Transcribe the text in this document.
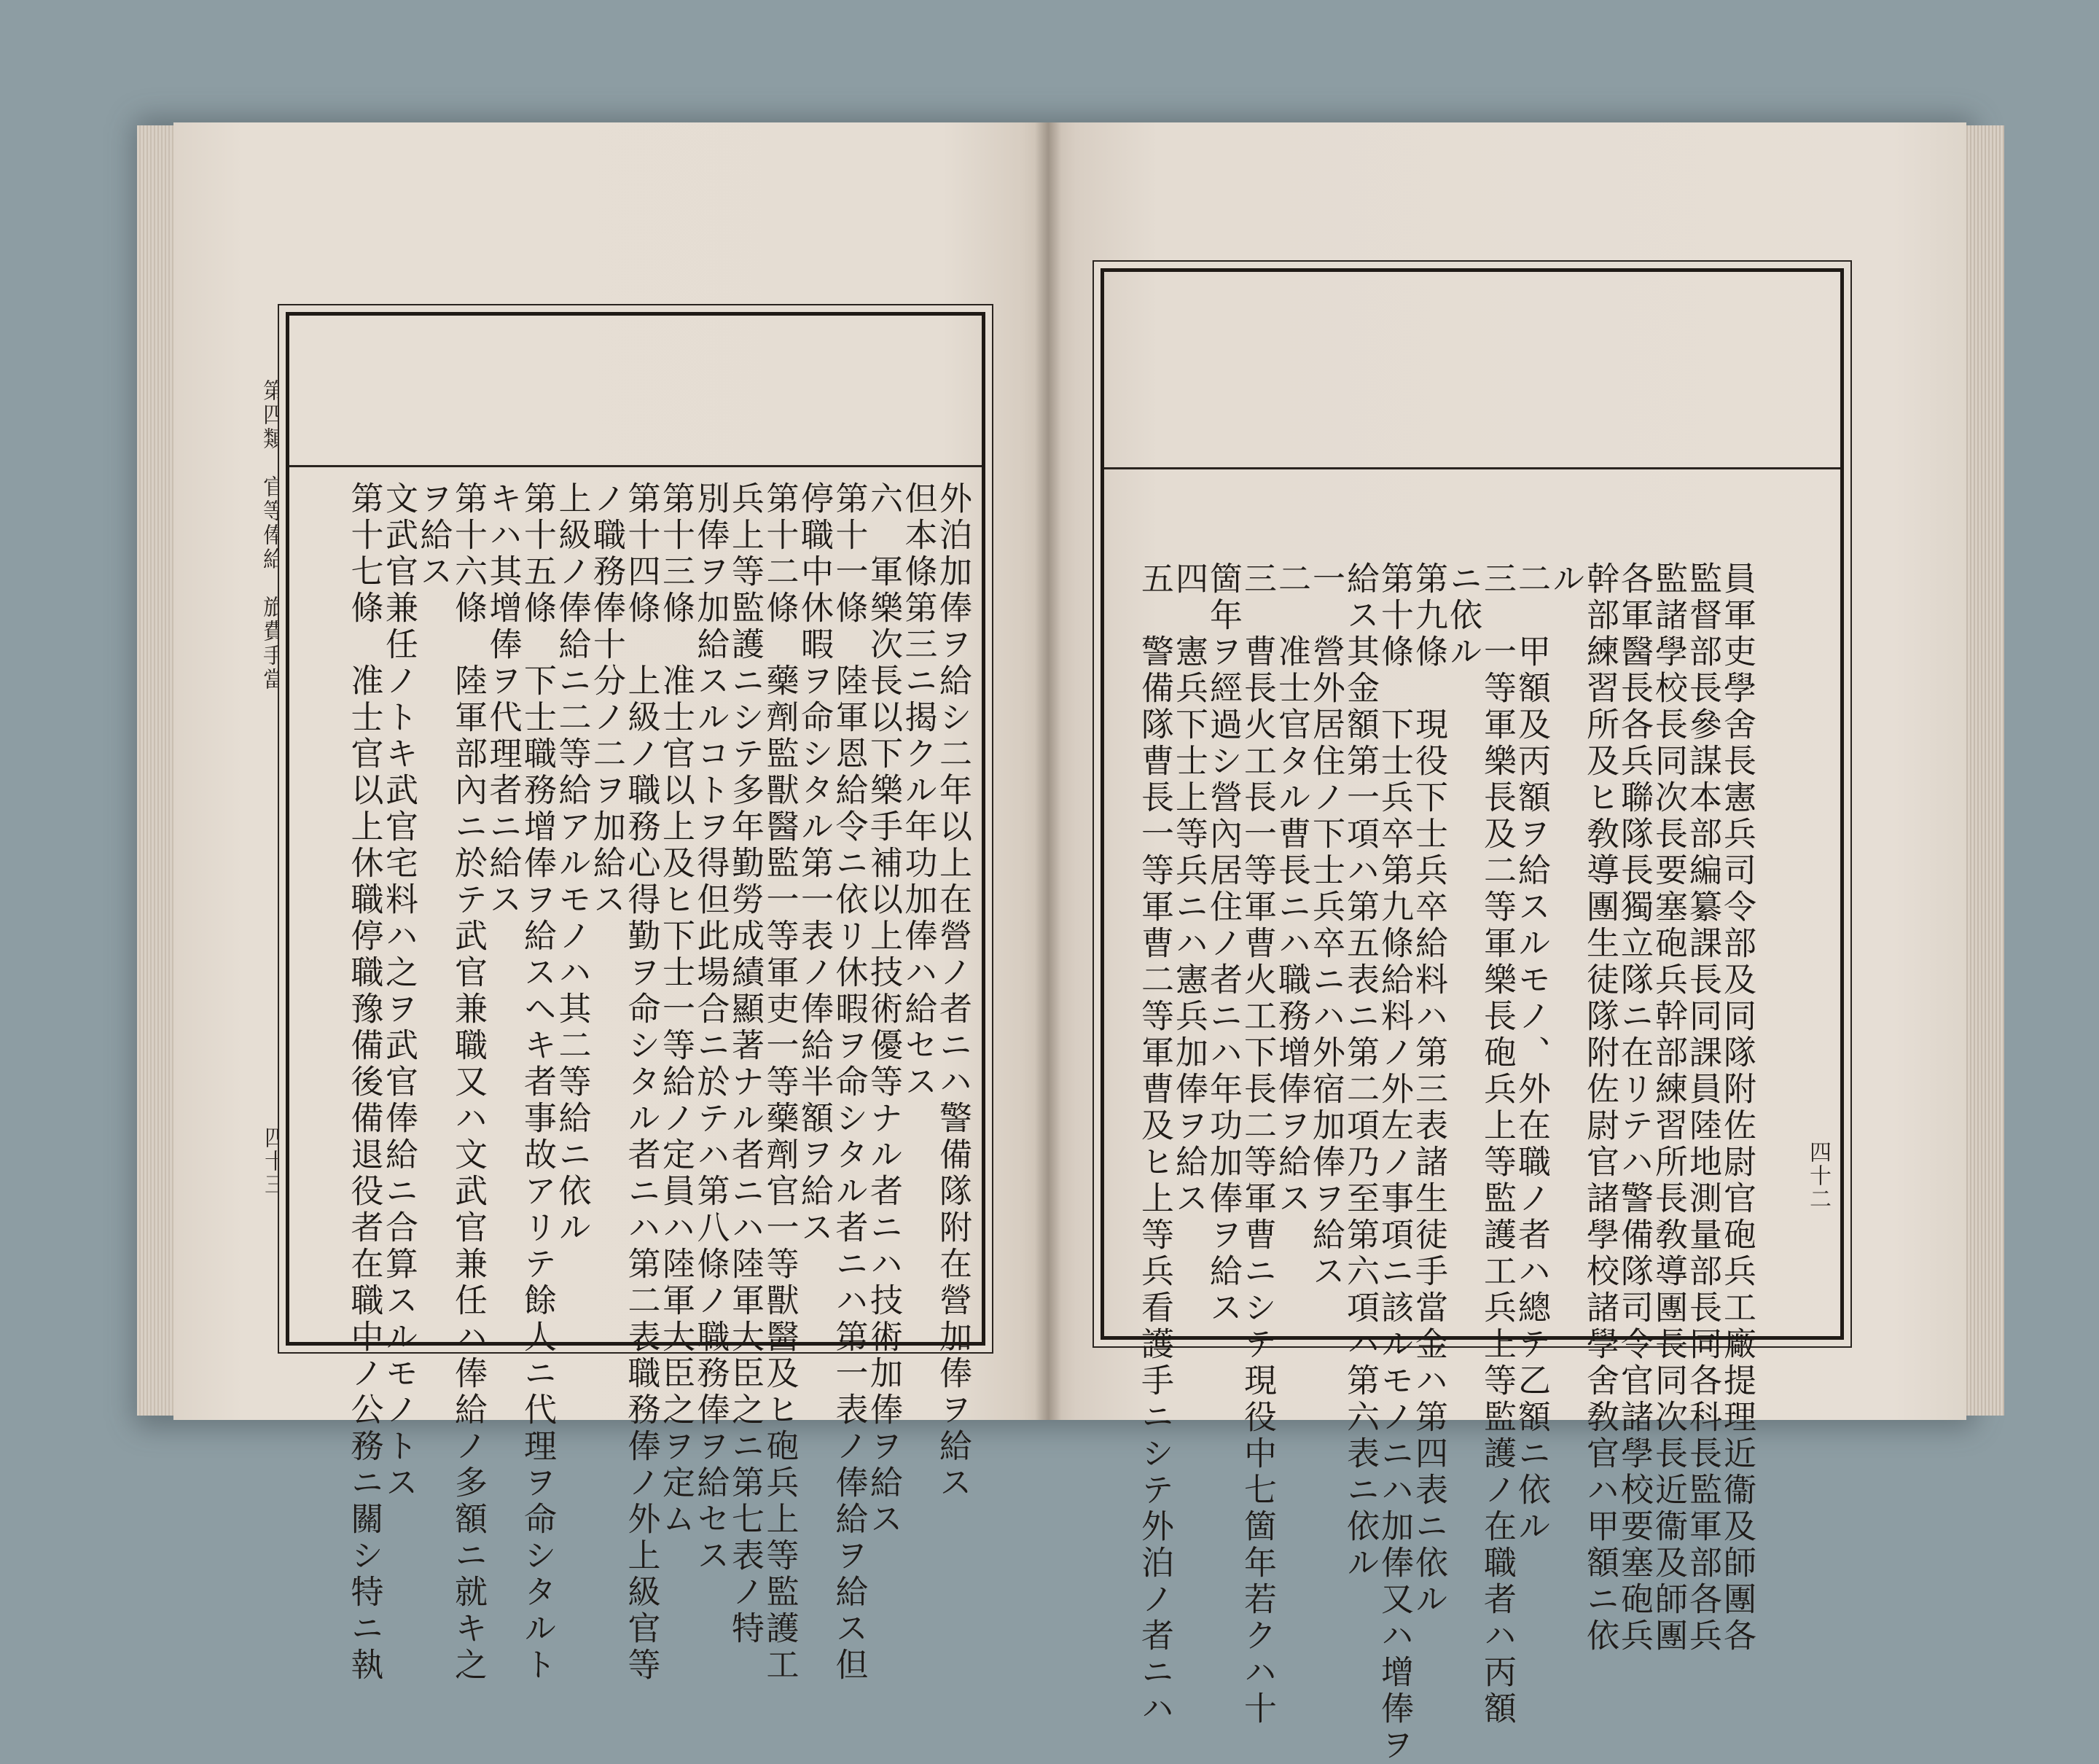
第四類　官等俸給　旅費手當
四十三	外泊加俸ヲ給シ二年以上在營ノ者ニハ警備隊附在營加俸ヲ給ス
但本條第三ニ揭クル年功加俸ハ給セス
六　軍樂次長以下樂手補以上技術優等ナル者ニハ技術加俸ヲ給ス
第十一條　陸軍恩給令ニ依リ休暇ヲ命シタル者ニハ第一表ノ俸給ヲ給ス但
停職中休暇ヲ命シタル第一表ノ俸給半額ヲ給ス
第十二條　藥劑監獸醫監一等軍吏一等藥劑官一等獸醫及ヒ砲兵上等監護工
兵上等監護ニシテ多年勤勞成績顯著ナル者ニハ陸軍大臣之ニ第七表ノ特
別俸ヲ加給スルコトヲ得但此場合ニ於テハ第八條ノ職務俸ヲ給セス
第十三條　准士官以上及ヒ下士一等給ノ定員ハ陸軍大臣之ヲ定ム
第十四條　上級ノ職務心得勤ヲ命シタル者ニハ第二表職務俸ノ外上級官等
ノ職務俸十分ノ二ヲ加給ス
上級ノ俸給ニ二等給アルモノハ其二等給ニ依ル
第十五條　下士職務增俸ヲ給スヘキ者事故アリテ餘人ニ代理ヲ命シタルト
キハ其增俸ヲ代理者ニ給ス
第十六條　陸軍部內ニ於テ武官兼職又ハ文武官兼任ハ俸給ノ多額ニ就キ之
ヲ給ス
文武官兼任ノトキ武官宅料ハ之ヲ武官俸給ニ合算スルモノトス
第十七條　准士官以上休職停職豫備後備退役者在職中ノ公務ニ關シ特ニ執	四十二
員軍吏學舍長憲兵司令部及同隊附佐尉官砲兵工廠提理近衞及師團各
監督部長參謀本部編纂課長同課員陸地測量部長同各科長監軍部各兵
監諸學校長同次長要塞砲兵幹部練習所長敎導團長同次長近衞及師團
各軍醫長各兵聯隊長獨立隊ニ在リテハ警備隊司令官諸學校要塞砲兵
幹部練習所及ヒ敎導團生徒隊附佐尉官諸學校諸學舍敎官ハ甲額ニ依
ル
二　甲額及丙額ヲ給スルモノ、外在職ノ者ハ總テ乙額ニ依ル
三　一等軍樂長及二等軍樂長砲兵上等監護工兵上等監護ノ在職者ハ丙額
ニ依ル
第九條　現役下士兵卒給料ハ第三表諸生徒手當金ハ第四表ニ依ル
第十條　下士兵卒第九條給料ノ外左ノ事項ニ該ルモノニハ加俸又ハ增俸ヲ
給ス其金額第一項ハ第五表ニ第二項乃至第六項ハ第六表ニ依ル
一　營外居住ノ下士兵卒ニハ外宿加俸ヲ給ス
二　准士官タル曹長ニハ職務增俸ヲ給ス
三　曹長火工長一等軍曹火工下長二等軍曹ニシテ現役中七箇年若クハ十
箇年ヲ經過シ營內居住ノ者ニハ年功加俸ヲ給ス
四　憲兵下士上等兵ニハ憲兵加俸ヲ給ス
五　警備隊曹長一等軍曹二等軍曹及ヒ上等兵看護手ニシテ外泊ノ者ニハ
